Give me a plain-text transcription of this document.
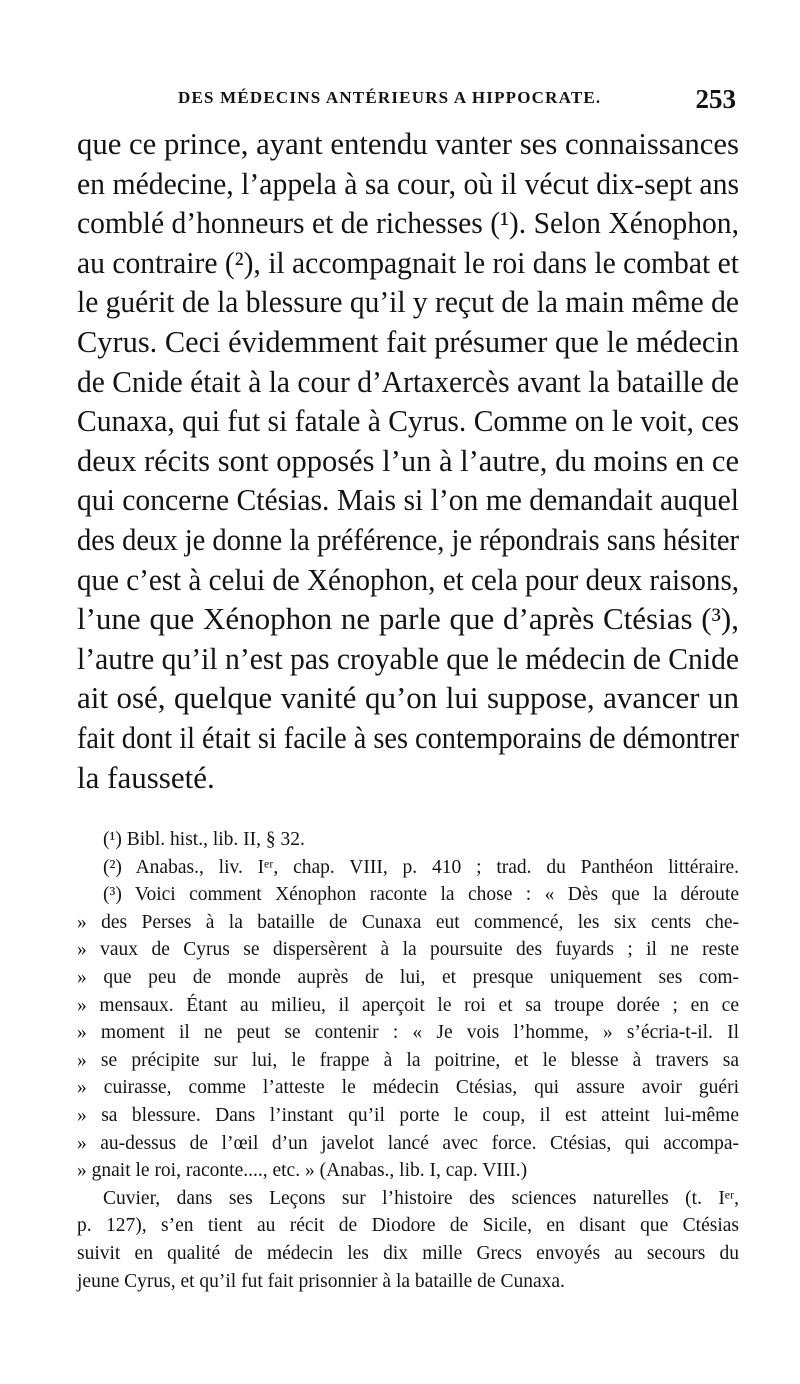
DES MÉDECINS ANTÉRIEURS A HIPPOCRATE.	253
que ce prince, ayant entendu vanter ses connaissances
en médecine, l’appela à sa cour, où il vécut dix-sept ans
comblé d’honneurs et de richesses (¹). Selon Xénophon,
au contraire (²), il accompagnait le roi dans le combat et
le guérit de la blessure qu’il y reçut de la main même de
Cyrus. Ceci évidemment fait présumer que le médecin
de Cnide était à la cour d’Artaxercès avant la bataille de
Cunaxa, qui fut si fatale à Cyrus. Comme on le voit, ces
deux récits sont opposés l’un à l’autre, du moins en ce
qui concerne Ctésias. Mais si l’on me demandait auquel
des deux je donne la préférence, je répondrais sans hésiter
que c’est à celui de Xénophon, et cela pour deux raisons,
l’une que Xénophon ne parle que d’après Ctésias (³),
l’autre qu’il n’est pas croyable que le médecin de Cnide
ait osé, quelque vanité qu’on lui suppose, avancer un
fait dont il était si facile à ses contemporains de démontrer
la fausseté.
(¹) Bibl. hist., lib. II, § 32.
(²) Anabas., liv. Iᵉʳ, chap. VIII, p. 410 ; trad. du Panthéon littéraire.
(³) Voici comment Xénophon raconte la chose : « Dès que la déroute
» des Perses à la bataille de Cunaxa eut commencé, les six cents che-
» vaux de Cyrus se dispersèrent à la poursuite des fuyards ; il ne reste
» que peu de monde auprès de lui, et presque uniquement ses com-
» mensaux. Étant au milieu, il aperçoit le roi et sa troupe dorée ; en ce
» moment il ne peut se contenir : « Je vois l’homme, » s’écria-t-il. Il
» se précipite sur lui, le frappe à la poitrine, et le blesse à travers sa
» cuirasse, comme l’atteste le médecin Ctésias, qui assure avoir guéri
» sa blessure. Dans l’instant qu’il porte le coup, il est atteint lui-même
» au-dessus de l’œil d’un javelot lancé avec force. Ctésias, qui accompa-
» gnait le roi, raconte...., etc. » (Anabas., lib. I, cap. VIII.)
Cuvier, dans ses Leçons sur l’histoire des sciences naturelles (t. Iᵉʳ,
p. 127), s’en tient au récit de Diodore de Sicile, en disant que Ctésias
suivit en qualité de médecin les dix mille Grecs envoyés au secours du
jeune Cyrus, et qu’il fut fait prisonnier à la bataille de Cunaxa.
